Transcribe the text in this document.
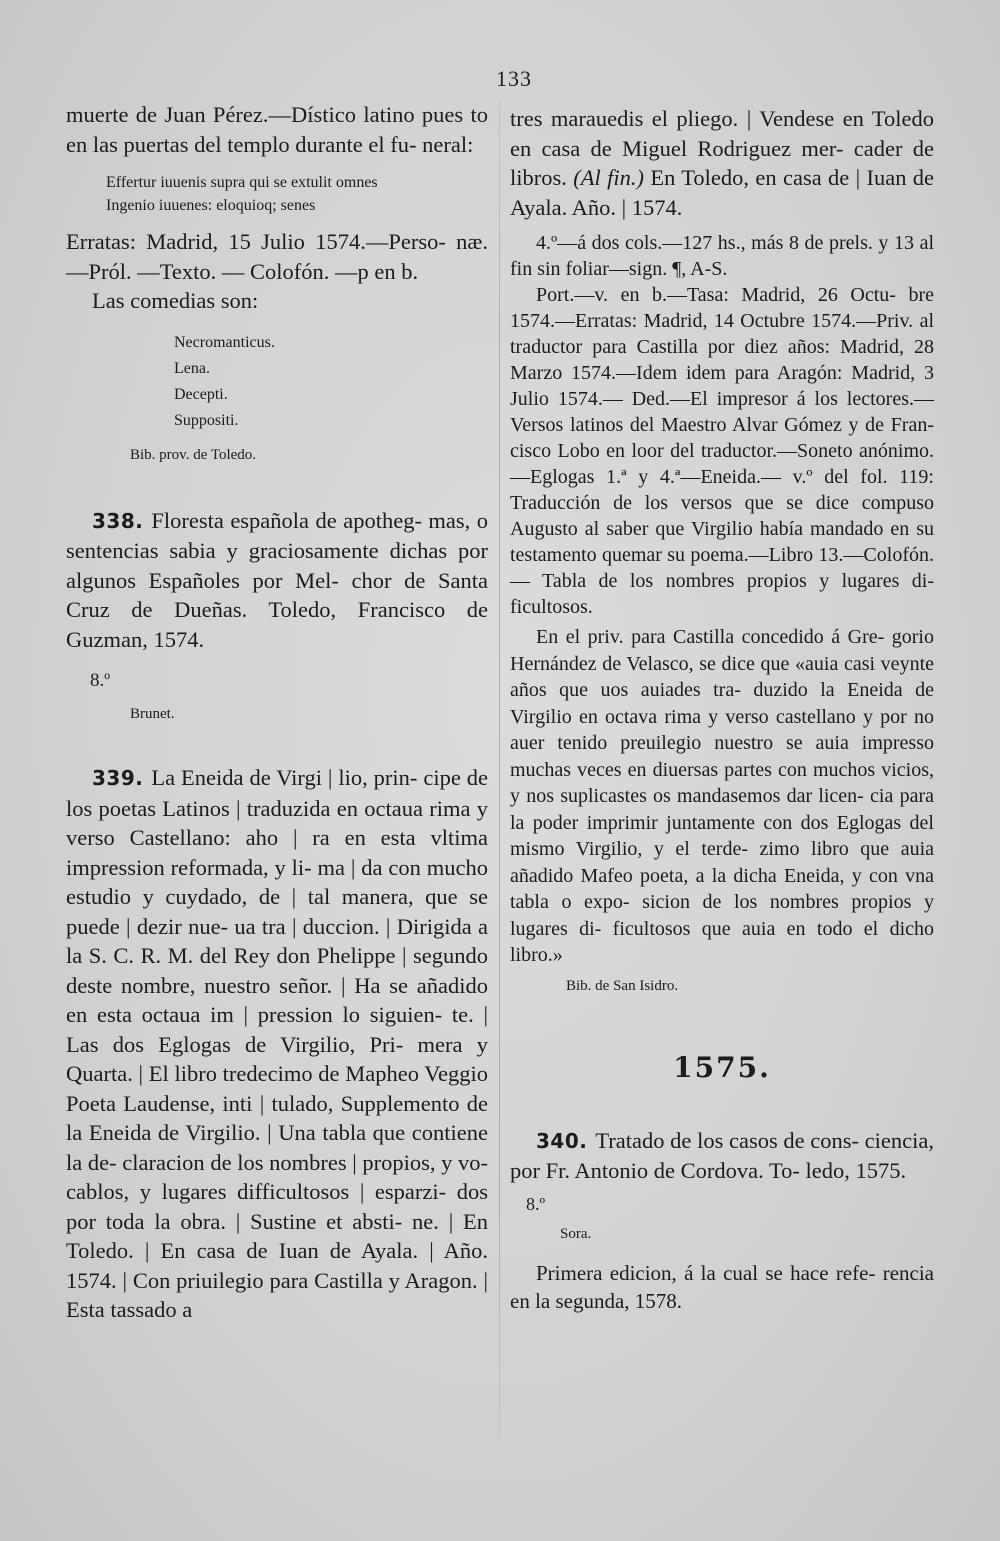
133

muerte de Juan Pérez.—Dístico latino pues to en las puertas del templo durante el fu- neral:

Effertur iuuenis supra qui se extulit omnes

Ingenio iuuenes: eloquioq; senes

Erratas: Madrid, 15 Julio 1574.—Perso- næ. —Pról. —Texto. — Colofón. —p en b.

Las comedias son:

Necromanticus.
Lena.
Decepti.
Suppositi.

Bib. prov. de Toledo.

338. Floresta española de apotheg- mas, o sentencias sabia y graciosamente dichas por algunos Españoles por Mel- chor de Santa Cruz de Dueñas. Toledo, Francisco de Guzman, 1574.

8.º

Brunet.

339. La Eneida de Virgi | lio, prin- cipe de los poetas Latinos | traduzida en octaua rima y verso Castellano: aho | ra en esta vltima impression reformada, y li- ma | da con mucho estudio y cuydado, de | tal manera, que se puede | dezir nue- ua tra | duccion. | Dirigida a la S. C. R. M. del Rey don Phelippe | segundo deste nombre, nuestro señor. | Ha se añadido en esta octaua im | pression lo siguien- te. | Las dos Eglogas de Virgilio, Pri- mera y Quarta. | El libro tredecimo de Mapheo Veggio Poeta Laudense, inti | tulado, Supplemento de la Eneida de Virgilio. | Una tabla que contiene la de- claracion de los nombres | propios, y vo- cablos, y lugares difficultosos | esparzi- dos por toda la obra. | Sustine et absti- ne. | En Toledo. | En casa de Iuan de Ayala. | Año. 1574. | Con priuilegio para Castilla y Aragon. | Esta tassado a

tres marauedis el pliego. | Vendese en Toledo en casa de Miguel Rodriguez mer- cader de libros. (Al fin.) En Toledo, en casa de | Iuan de Ayala. Año. | 1574.

4.º—á dos cols.—127 hs., más 8 de prels. y 13 al fin sin foliar—sign. ¶, A-S.

Port.—v. en b.—Tasa: Madrid, 26 Octu- bre 1574.—Erratas: Madrid, 14 Octubre 1574.—Priv. al traductor para Castilla por diez años: Madrid, 28 Marzo 1574.—Idem idem para Aragón: Madrid, 3 Julio 1574.— Ded.—El impresor á los lectores.—Versos latinos del Maestro Alvar Gómez y de Fran- cisco Lobo en loor del traductor.—Soneto anónimo.—Eglogas 1.ª y 4.ª—Eneida.— v.º del fol. 119: Traducción de los versos que se dice compuso Augusto al saber que Virgilio había mandado en su testamento quemar su poema.—Libro 13.—Colofón.— Tabla de los nombres propios y lugares di- ficultosos.

En el priv. para Castilla concedido á Gre- gorio Hernández de Velasco, se dice que «auia casi veynte años que uos auiades tra- duzido la Eneida de Virgilio en octava rima y verso castellano y por no auer tenido preuilegio nuestro se auia impresso muchas veces en diuersas partes con muchos vicios, y nos suplicastes os mandasemos dar licen- cia para la poder imprimir juntamente con dos Eglogas del mismo Virgilio, y el terde- zimo libro que auia añadido Mafeo poeta, a la dicha Eneida, y con vna tabla o expo- sicion de los nombres propios y lugares di- ficultosos que auia en todo el dicho libro.»

Bib. de San Isidro.

1575.

340. Tratado de los casos de cons- ciencia, por Fr. Antonio de Cordova. To- ledo, 1575.

8.º

Sora.

Primera edicion, á la cual se hace refe- rencia en la segunda, 1578.
